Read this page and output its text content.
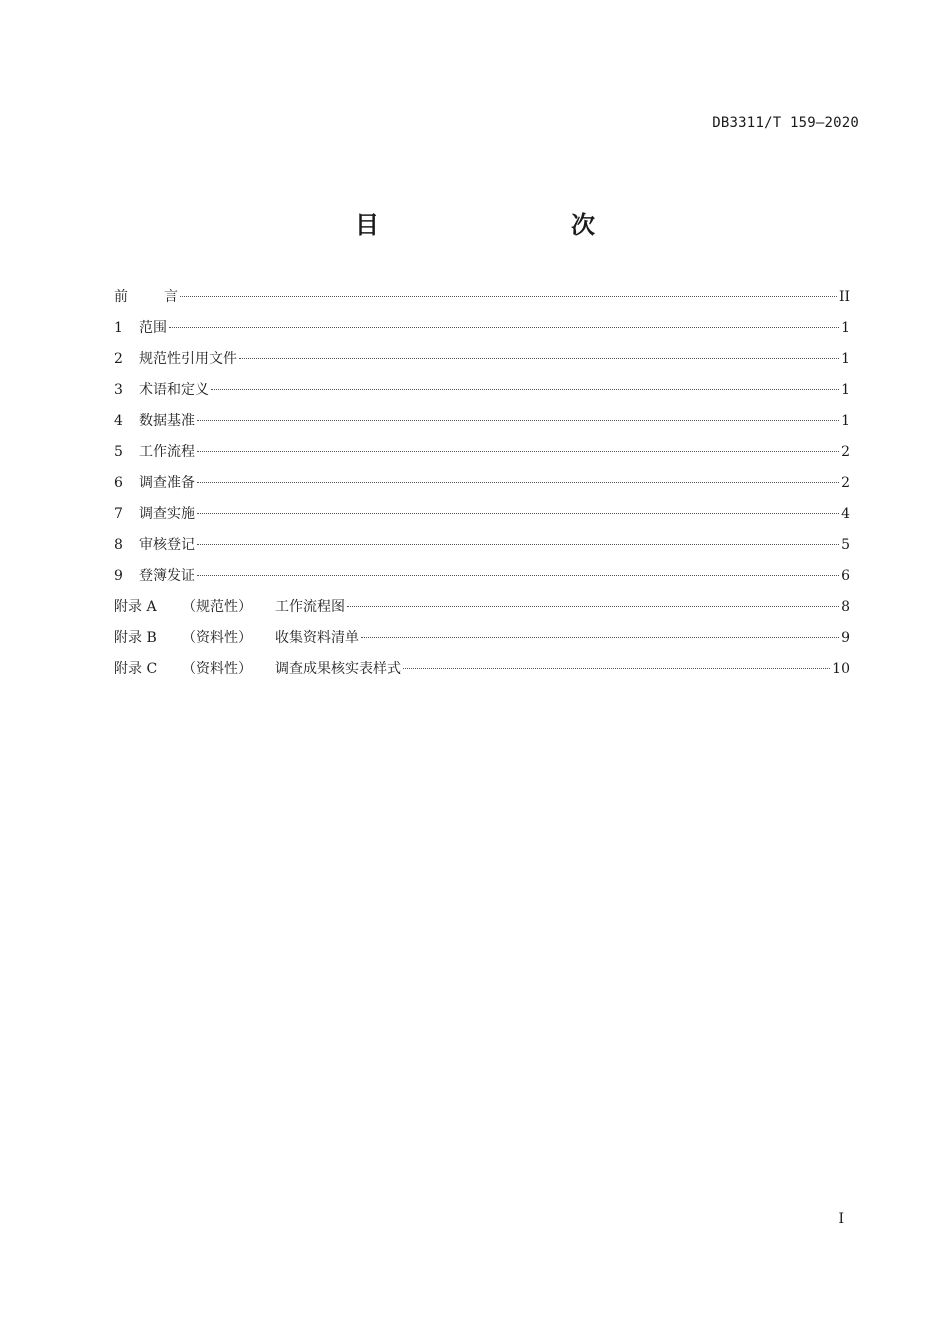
DB3311/T 159—2020
目　　次
前	言	II
1	范围	1
2	规范性引用文件	1
3	术语和定义	1
4	数据基准	1
5	工作流程	2
6	调查准备	2
7	调查实施	4
8	审核登记	5
9	登簿发证	6
附录 A	（规范性）	工作流程图	8
附录 B	（资料性）	收集资料清单	9
附录 C	（资料性）	调查成果核实表样式	10
I
